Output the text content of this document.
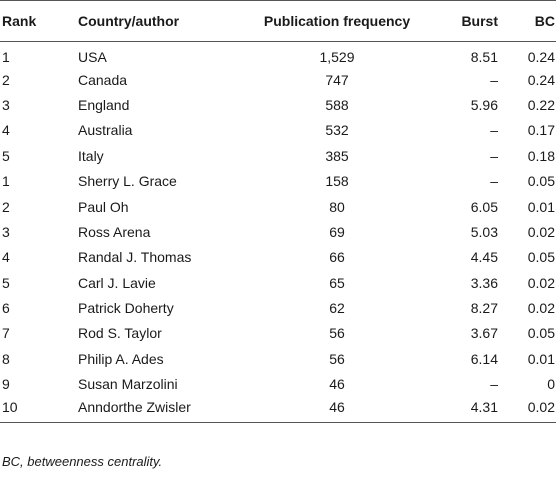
Rank	Country/author	Publication frequency	Burst	BC
1	USA	1,529	8.51	0.24
2	Canada	747	–	0.24
3	England	588	5.96	0.22
4	Australia	532	–	0.17
5	Italy	385	–	0.18
1	Sherry L. Grace	158	–	0.05
2	Paul Oh	80	6.05	0.01
3	Ross Arena	69	5.03	0.02
4	Randal J. Thomas	66	4.45	0.05
5	Carl J. Lavie	65	3.36	0.02
6	Patrick Doherty	62	8.27	0.02
7	Rod S. Taylor	56	3.67	0.05
8	Philip A. Ades	56	6.14	0.01
9	Susan Marzolini	46	–	0
10	Anndorthe Zwisler	46	4.31	0.02
BC, betweenness centrality.
